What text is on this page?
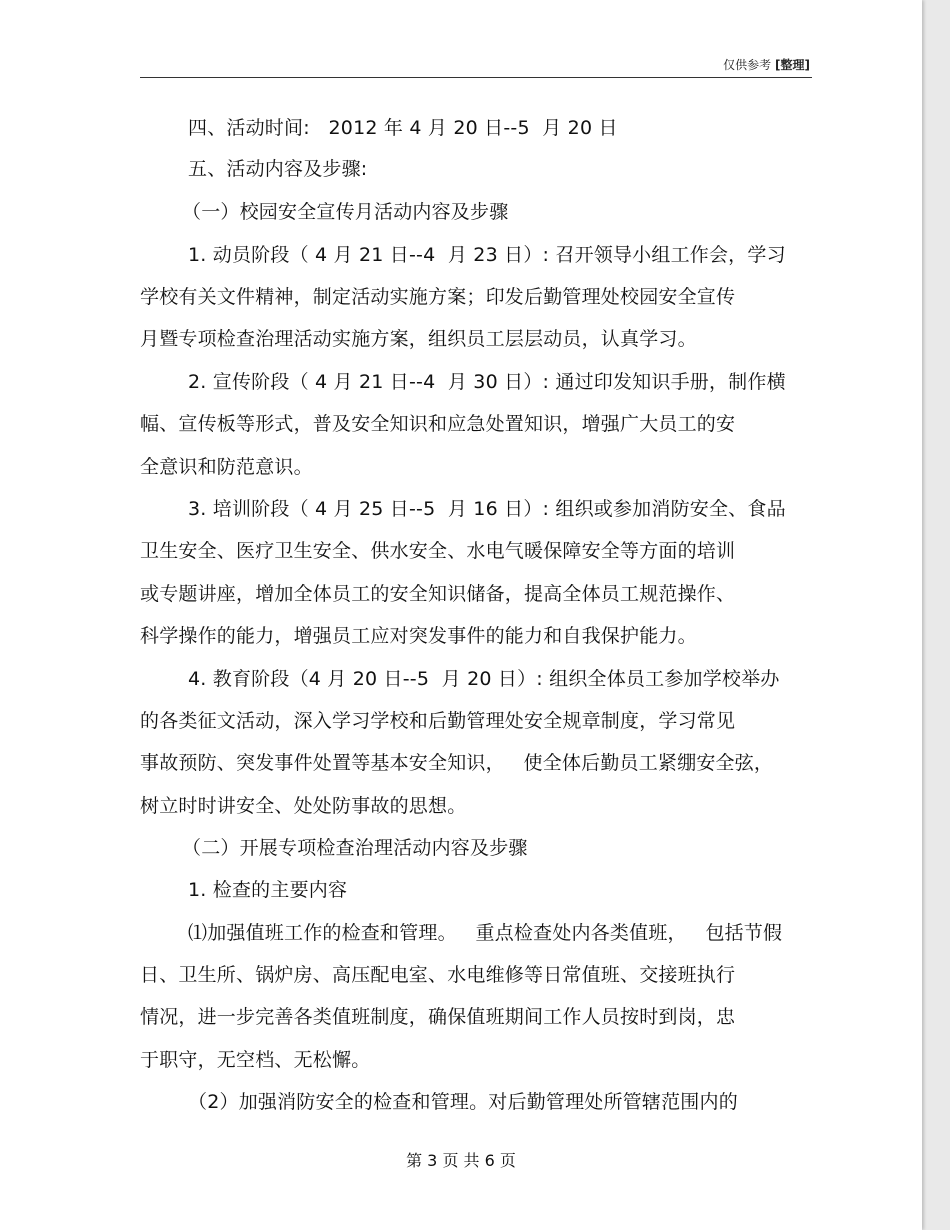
仅供参考 [整理]
四、活动时间:   2012 年 4 月 20 日--5  月 20 日
五、活动内容及步骤:
（一）校园安全宣传月活动内容及步骤
1. 动员阶段（ 4 月 21 日--4  月 23 日）: 召开领导小组工作会，学习
学校有关文件精神，制定活动实施方案；印发后勤管理处校园安全宣传
月暨专项检查治理活动实施方案，组织员工层层动员，认真学习。
2. 宣传阶段（ 4 月 21 日--4  月 30 日）: 通过印发知识手册，制作横
幅、宣传板等形式，普及安全知识和应急处置知识，增强广大员工的安
全意识和防范意识。
3. 培训阶段（ 4 月 25 日--5  月 16 日）: 组织或参加消防安全、食品
卫生安全、医疗卫生安全、供水安全、水电气暖保障安全等方面的培训
或专题讲座，增加全体员工的安全知识储备，提高全体员工规范操作、
科学操作的能力，增强员工应对突发事件的能力和自我保护能力。
4. 教育阶段（4 月 20 日--5  月 20 日）: 组织全体员工参加学校举办
的各类征文活动，深入学习学校和后勤管理处安全规章制度，学习常见
事故预防、突发事件处置等基本安全知识，   使全体后勤员工紧绷安全弦，
树立时时讲安全、处处防事故的思想。
（二）开展专项检查治理活动内容及步骤
1. 检查的主要内容
⑴加强值班工作的检查和管理。   重点检查处内各类值班，   包括节假
日、卫生所、锅炉房、高压配电室、水电维修等日常值班、交接班执行
情况，进一步完善各类值班制度，确保值班期间工作人员按时到岗，忠
于职守，无空档、无松懈。
（2）加强消防安全的检查和管理。对后勤管理处所管辖范围内的
第 3 页 共 6 页
